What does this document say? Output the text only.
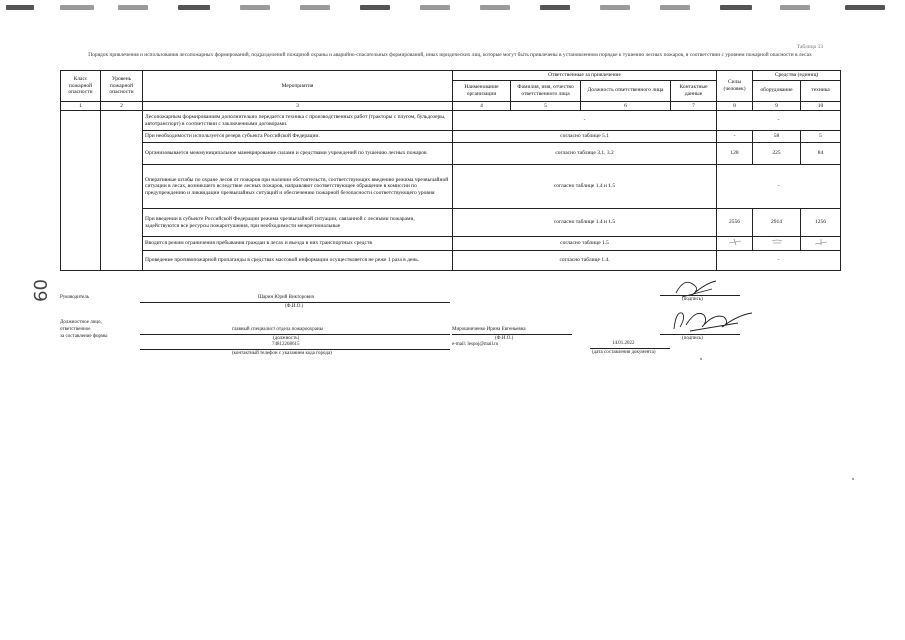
Таблица 33
Порядок привлечения и использования лесопожарных формирований, подразделений пожарной охраны и аварийно-спасательных формирований, иных юридических лиц, которые могут быть привлечены в установленном порядке к тушению лесных пожаров, в соответствии с уровнем пожарной опасности в лесах
Класс пожарной опасности	Уровень пожарной опасности	Мероприятия	Ответственные за привлечение				Силы (человек)	Средства (единиц)	
			Наименование организации	Фамилия, имя, отчество ответственного лица	Должность ответственного лица	Контактные данные		оборудование	техника
1	2	3	4	5	6	7	8	9	10
		Лесопожарным формированиям дополнительно передается техника с производственных работ (тракторы с плугом, бульдозеры, автотранспорт) в соответствии с заключенными договорами.	-				-		
		При необходимости используется резерв субъекта Российской Федерации.	согласно таблице 5.1				-	58	5
		Организовывается межмуниципальное маневрирование силами и средствами учреждений по тушению лесных пожаров	согласно таблице 3.1, 3.2				128	225	84
		Оперативные штабы по охране лесов от пожаров при наличии обстоятельств, соответствующих введению режима чрезвычайной ситуации в лесах, возникшего вследствие лесных пожаров, направляют соответствующее обращение в комиссии по предупреждению и ликвидации чрезвычайных ситуаций и обеспечению пожарной безопасности соответствующего уровня	согласно таблице 1.4 и 1.5				-		
		При введении в субъекте Российской Федерации режима чрезвычайной ситуации, связанной с лесными пожарами, задействуются все ресурсы пожаротушения, при необходимости межрегиональные	согласно таблице 1.4 и 1.5				2556	2914	1256
		Вводится режим ограничения пребывания граждан в лесах и въезда в них транспортных средств	согласно таблице 1.5			
		Проведение противопожарной пропаганды в средствах массовой информации осуществляется не реже 1 раза в день.	согласно таблице 1.4.				-		
09 Руководитель	Шарин Юрий Викторович
(Ф.И.О.)
(подпись)
Должностное лицо,
ответственное
за составление формы
главный специалист отдела пожароохраны
(должность)
74812268615
(контактный телефон с указанием кода города)
Мирошниченко Ирина Евгеньевна
(Ф.И.О.)
e-mail: lespoj@mail.ru
(подпись)
14.01.2022
(дата составления документа)
